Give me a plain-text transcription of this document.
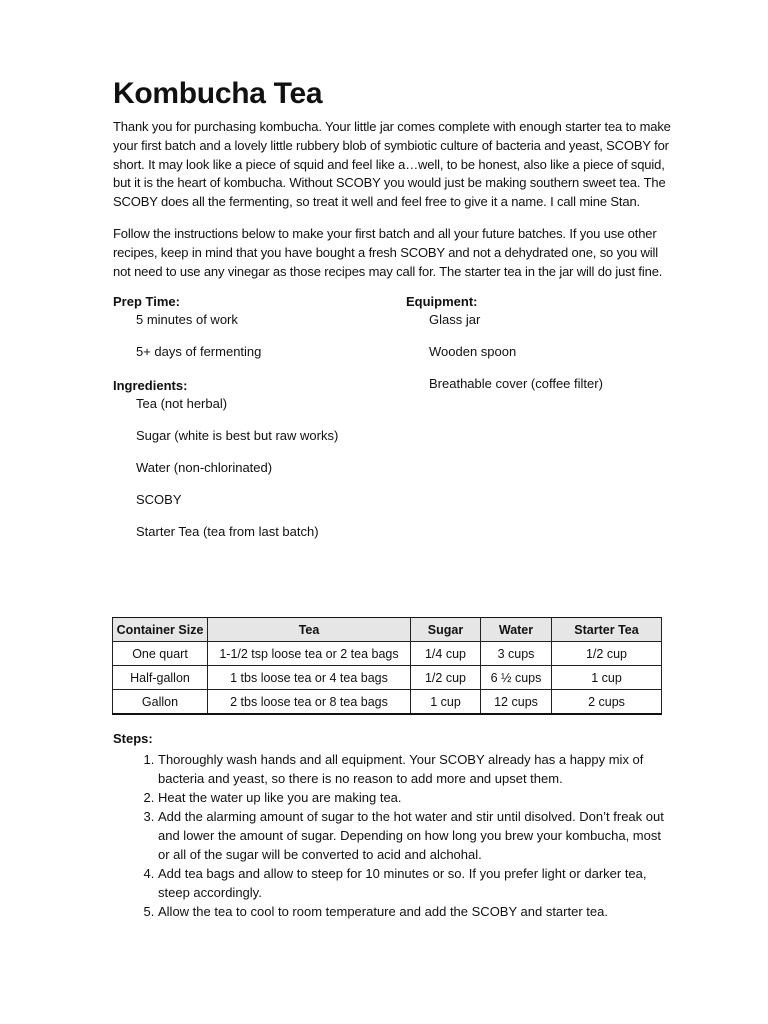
Kombucha Tea

Thank you for purchasing kombucha. Your little jar comes complete with enough starter tea to make your first batch and a lovely little rubbery blob of symbiotic culture of bacteria and yeast, SCOBY for short. It may look like a piece of squid and feel like a…well, to be honest, also like a piece of squid, but it is the heart of kombucha. Without SCOBY you would just be making southern sweet tea. The SCOBY does all the fermenting, so treat it well and feel free to give it a name. I call mine Stan.

Follow the instructions below to make your first batch and all your future batches. If you use other recipes, keep in mind that you have bought a fresh SCOBY and not a dehydrated one, so you will not need to use any vinegar as those recipes may call for. The starter tea in the jar will do just fine.

Prep Time:

5 minutes of work
5+ days of fermenting

Ingredients:

Tea (not herbal)
Sugar (white is best but raw works)
Water (non-chlorinated)
SCOBY
Starter Tea (tea from last batch)

Equipment:

Glass jar
Wooden spoon
Breathable cover (coffee filter)
Container Size	Tea	Sugar	Water	Starter Tea
One quart	1-1/2 tsp loose tea or 2 tea bags	1/4 cup	3 cups	1/2 cup
Half-gallon	1 tbs loose tea or 4 tea bags	1/2 cup	6 ½ cups	1 cup
Gallon	2 tbs loose tea or 8 tea bags	1 cup	12 cups	2 cups

Steps:

1. Thoroughly wash hands and all equipment. Your SCOBY already has a happy mix of bacteria and yeast, so there is no reason to add more and upset them.
2. Heat the water up like you are making tea.
3. Add the alarming amount of sugar to the hot water and stir until disolved. Don’t freak out and lower the amount of sugar. Depending on how long you brew your kombucha, most or all of the sugar will be converted to acid and alchohal.
4. Add tea bags and allow to steep for 10 minutes or so. If you prefer light or darker tea, steep accordingly.
5. Allow the tea to cool to room temperature and add the SCOBY and starter tea.
